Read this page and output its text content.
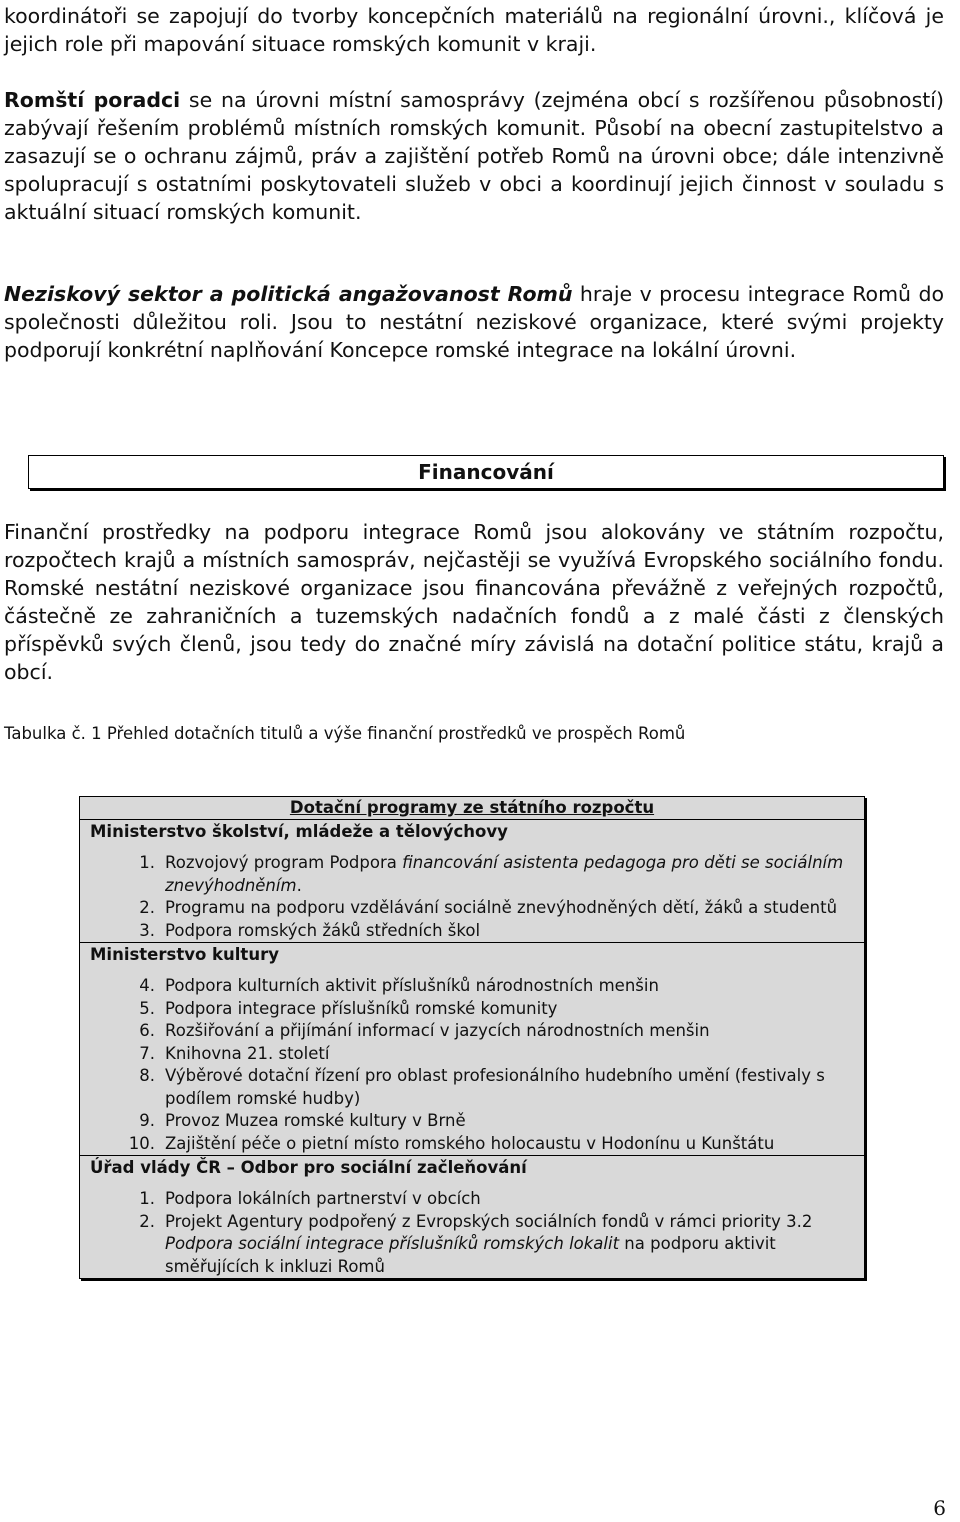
koordinátoři se zapojují do tvorby koncepčních materiálů na regionální úrovni., klíčová je jejich role při mapování situace romských komunit v kraji.

Romští poradci se na úrovni místní samosprávy (zejména obcí s rozšířenou působností) zabývají řešením problémů místních romských komunit. Působí na obecní zastupitelstvo a zasazují se o ochranu zájmů, práv a zajištění potřeb Romů na úrovni obce; dále intenzivně spolupracují s ostatními poskytovateli služeb v obci a koordinují jejich činnost v souladu s aktuální situací romských komunit.

Neziskový sektor a politická angažovanost Romů hraje v procesu integrace Romů do společnosti důležitou roli. Jsou to nestátní neziskové organizace, které svými projekty podporují konkrétní naplňování Koncepce romské integrace na lokální úrovni.

Financování

Finanční prostředky na podporu integrace Romů jsou alokovány ve státním rozpočtu, rozpočtech krajů a místních samospráv, nejčastěji se využívá Evropského sociálního fondu. Romské nestátní neziskové organizace jsou financována převážně z veřejných rozpočtů, částečně ze zahraničních a tuzemských nadačních fondů a z malé části z členských příspěvků svých členů, jsou tedy do značné míry závislá na dotační politice státu, krajů a obcí.

Tabulka č. 1 Přehled dotačních titulů a výše finanční prostředků ve prospěch Romů
Dotační programy ze státního rozpočtu
Ministerstvo školství, mládeže a tělovýchovy
1. Rozvojový program Podpora financování asistenta pedagoga pro děti se sociálním znevýhodněním.
2. Programu na podporu vzdělávání sociálně znevýhodněných dětí, žáků a studentů
3. Podpora romských žáků středních škol
Ministerstvo kultury
4. Podpora kulturních aktivit příslušníků národnostních menšin
5. Podpora integrace příslušníků romské komunity
6. Rozšiřování a přijímání informací v jazycích národnostních menšin
7. Knihovna 21. století
8. Výběrové dotační řízení pro oblast profesionálního hudebního umění (festivaly s podílem romské hudby)
9. Provoz Muzea romské kultury v Brně
10. Zajištění péče o pietní místo romského holocaustu v Hodonínu u Kunštátu
Úřad vlády ČR – Odbor pro sociální začleňování
1. Podpora lokálních partnerství v obcích
2. Projekt Agentury podpořený z Evropských sociálních fondů v rámci priority 3.2 Podpora sociální integrace příslušníků romských lokalit na podporu aktivit směřujících k inkluzi Romů
6
